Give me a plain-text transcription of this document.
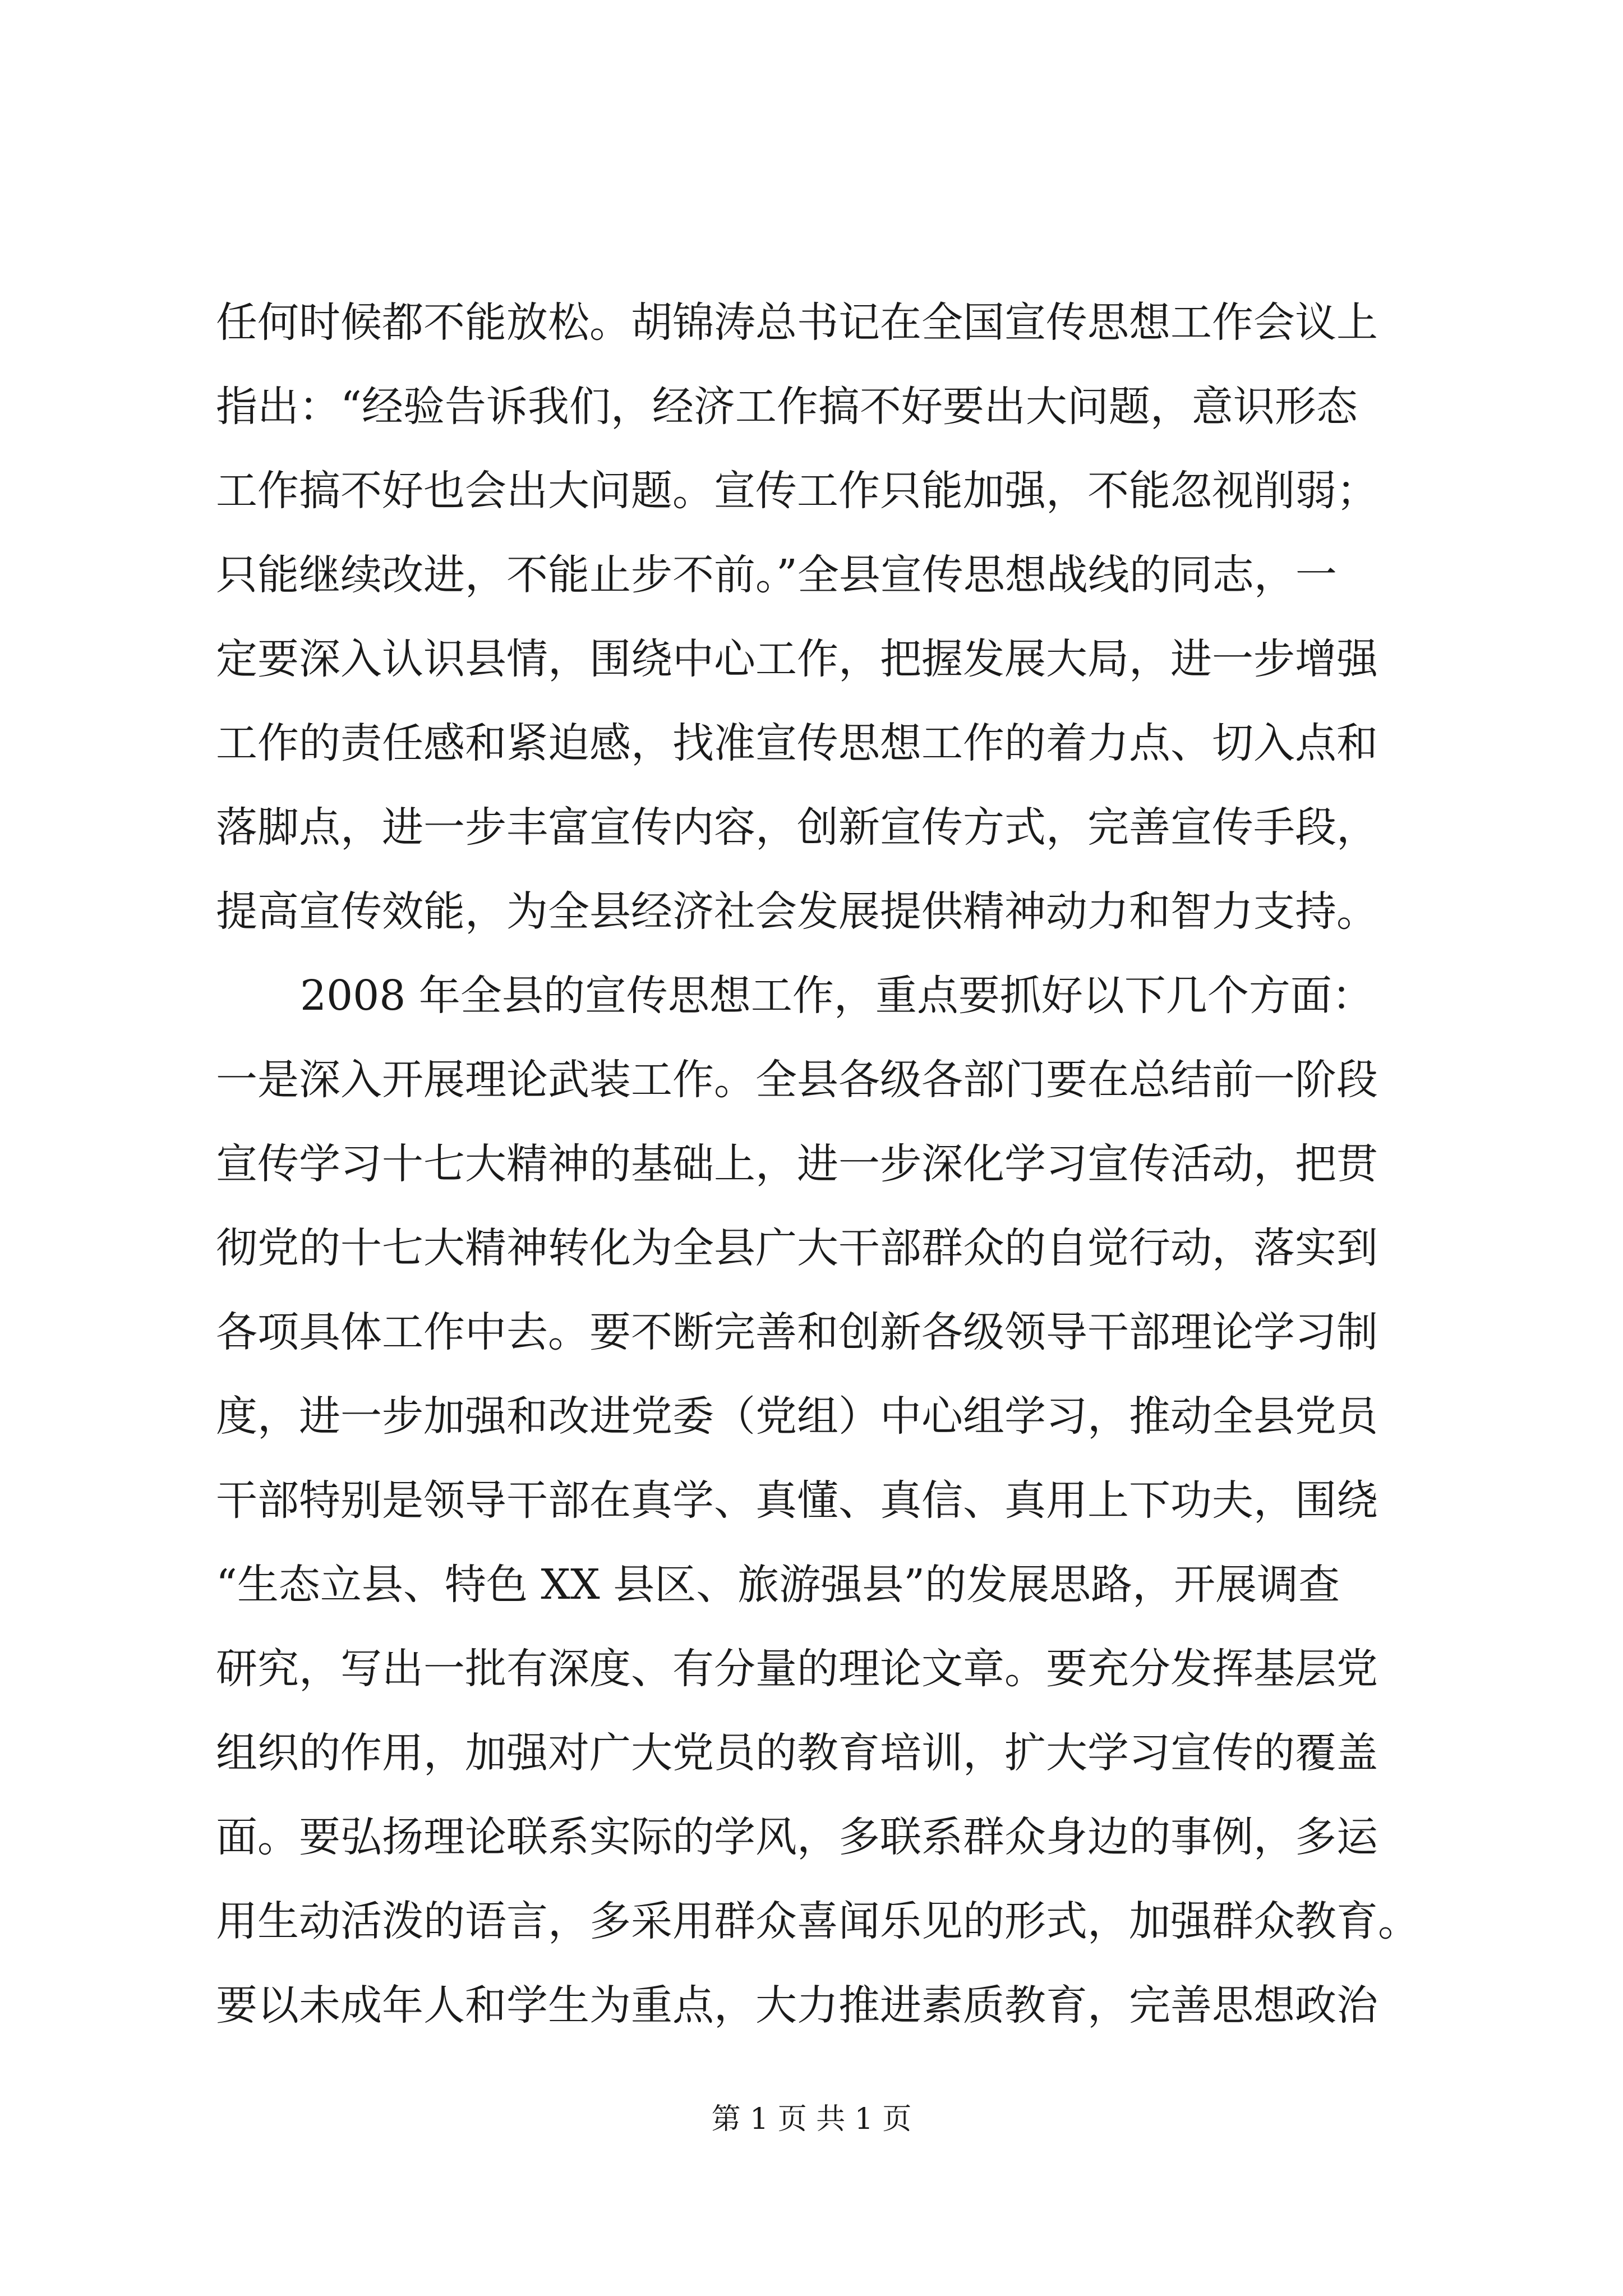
任何时候都不能放松。胡锦涛总书记在全国宣传思想工作会议上
指出：“经验告诉我们，经济工作搞不好要出大问题，意识形态
工作搞不好也会出大问题。宣传工作只能加强，不能忽视削弱；
只能继续改进，不能止步不前。”全县宣传思想战线的同志，一
定要深入认识县情，围绕中心工作，把握发展大局，进一步增强
工作的责任感和紧迫感，找准宣传思想工作的着力点、切入点和
落脚点，进一步丰富宣传内容，创新宣传方式，完善宣传手段，
提高宣传效能，为全县经济社会发展提供精神动力和智力支持。
2008 年全县的宣传思想工作，重点要抓好以下几个方面：
一是深入开展理论武装工作。全县各级各部门要在总结前一阶段
宣传学习十七大精神的基础上，进一步深化学习宣传活动，把贯
彻党的十七大精神转化为全县广大干部群众的自觉行动，落实到
各项具体工作中去。要不断完善和创新各级领导干部理论学习制
度，进一步加强和改进党委（党组）中心组学习，推动全县党员
干部特别是领导干部在真学、真懂、真信、真用上下功夫，围绕
“生态立县、特色 XX 县区、旅游强县”的发展思路，开展调查
研究，写出一批有深度、有分量的理论文章。要充分发挥基层党
组织的作用，加强对广大党员的教育培训，扩大学习宣传的覆盖
面。要弘扬理论联系实际的学风，多联系群众身边的事例，多运
用生动活泼的语言，多采用群众喜闻乐见的形式，加强群众教育。
要以未成年人和学生为重点，大力推进素质教育，完善思想政治
第 1 页 共 1 页
